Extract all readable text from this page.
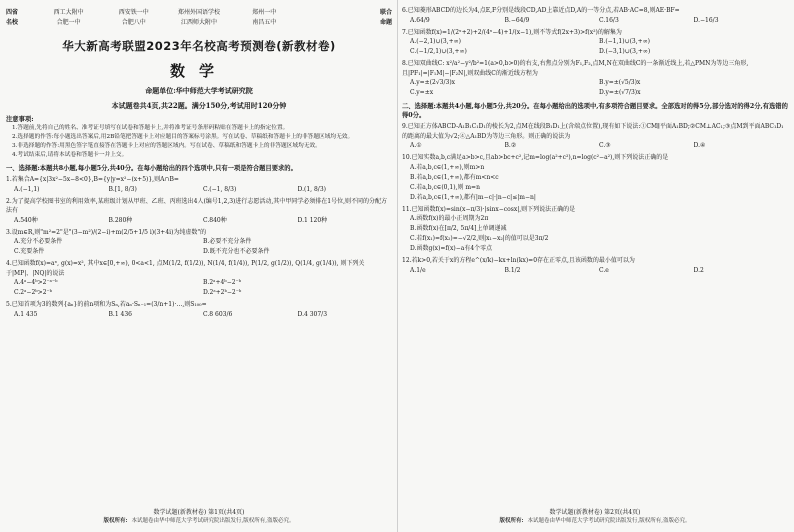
四省	西工大附中	西安铁一中	郑州外国语学校	郑州一中	联合
名校	合肥一中	合肥八中	江西师大附中	南昌五中	命题
华大新高考联盟2023年名校高考预测卷(新教材卷)
数学
命题单位:华中师范大学考试研究院
本试题卷共4页,共22题。满分150分,考试用时120分钟
注意事项:
1.答题前,先将自己的姓名、准考证号填写在试卷和答题卡上,并将准考证号条形码粘贴在答题卡上的指定位置。
2.选择题的作答:每小题选出答案后,用2B铅笔把答题卡上对应题目的答案标号涂黑。写在试卷、草稿纸和答题卡上的非答题区域均无效。
3.非选择题的作答:用黑色签字笔直接答在答题卡上对应的答题区域内。写在试卷、草稿纸和答题卡上的非答题区域均无效。
4.考试结束后,请将本试卷和答题卡一并上交。
一、选择题:本题共8小题,每小题5分,共40分。在每小题给出的四个选项中,只有一项是符合题目要求的。
1.若集合A={x|3x²−5x−8<0},B={y|y=x²−(x+5)},则A∩B=
A.(−1,1)	B.[1, 8/3)	C.(−1, 8/3)	D.(1, 8/3)
2.为了提高学校图书室的利用效率,某班级计划从甲班、乙班、丙班选出4人(编号1,2,3)进行志愿活动,其中甲同学必须排在1号位,则不同的分配方法有
A.540种	B.280种	C.840种	D.1 120种
3.设m∈R,则"m²=2"是"(3−m²)/(2−i)+m(2/5+1/5 i)(3+4i)为纯虚数"的
A.充分不必要条件	B.必要不充分条件
C.充要条件	D.既不充分也不必要条件
4.已知函数f(x)=aˣ, g(x)=x², 其中x∈[0,+∞), 0<a<1, 点M(1/2, f(1/2)), N(1/4, f(1/4)), P(1/2, g(1/2)), Q(1/4, g(1/4)), 则下列关于|MP|、|NQ|的说法
A.4ᵃ−4ᵇ>2⁻ᵃ⁻ᵇ	B.2ᵃ+4ᵇ−2⁻ᵇ
C.2ᵃ−2ᵇ>2⁻ᵇ	D.2ᵃ+2ᵇ−2⁻ᵇ
5.已知首项为3的数列{aₙ}的前n项和为Sₙ,若aₙ·Sₙ₋₁=(3/n+1)·…,则S₁₀₀=
A.1 435	B.1 436	C.8 603/6	D.4 307/3
数学试题(新教材卷) 第1页(共4页)
版权所有: 本试题卷由华中师范大学考试研究院出版发行,版权所有,盗版必究。
6.已知菱形ABCD的边长为4,点E,F分别是线段CD,AD上靠近点D,A的一等分点,若AB·AC=8,则AE·BF=
A.64/9	B.−64/9	C.16/3	D.−16/3
7.已知函数f(x)=1/(2ˣ+2)+2/(4ˣ−4)+1/(x−1),则不等式f(2x+3)>f(x²)的解集为
A.(−2,1)∪(3,+∞)	B.(−1,1)∪(3,+∞)
C.(−1/2,1)∪(3,+∞)	D.(−3,1)∪(3,+∞)
8.已知双曲线C: x²/a²−y²/b²=1(a>0,b>0)的右支,右焦点分别为F₁,F₂,点M,N在双曲线C的一条渐近线上,若△PMN为等边三角形,且|PF₁|=|F₁M|−|F₂N|,则双曲线C的渐近线方程为
A.y=±(2√3/3)x	B.y=±(√5/3)x
C.y=±x	D.y=±(√7/3)x
二、选择题:本题共4小题,每小题5分,共20分。在每小题给出的选项中,有多项符合题目要求。全部选对的得5分,部分选对的得2分,有选错的得0分。
9.已知正方体ABCD-A₁B₁C₁D₁的棱长为2,点M在线段B₁D₁上(含端点位置),现有如下说法:①CM∥平面A₁BD;②CM⊥AC₁;③点M到平面ABC₁D₁的距离的最大值为√2;④△A₁BD为等边三角形。则正确的说法为
A.①	B.②	C.③	D.④
10.已知实数a,b,c满足a>b>c,且ab>bc+c²,记m=log(a²+c²),n=log(c²−a²),则下列说法正确的是
A.若a,b,c∈(1,+∞),则m>n
B.若a,b,c∈(1,+∞),都有m<n<c
C.若a,b,c∈(0,1),则 m=n
D.若a,b,c∈(1,+∞),都有|m−c|·|n−c|≤|m−n|
11.已知函数f(x)=sin(x−π/3)·|sinx−cosx|,则下列说法正确的是
A.函数f(x)的最小正周期为2π
B.函数f(x)在[π/2, 5π/4]上单调递减
C.若f(x₁)=f(x₂)=−√2/2,则|x₁−x₂|的值可以是3π/2
D.函数g(x)=f(x)−a有4个零点
12.若k>0,若关于x的方程e^(x/k)−kx+ln(kx)=0存在正零点,且该函数的最小值可以为
A.1/e	B.1/2	C.e	D.2
数学试题(新教材卷) 第2页(共4页)
版权所有: 本试题卷由华中师范大学考试研究院出版发行,版权所有,盗版必究。
